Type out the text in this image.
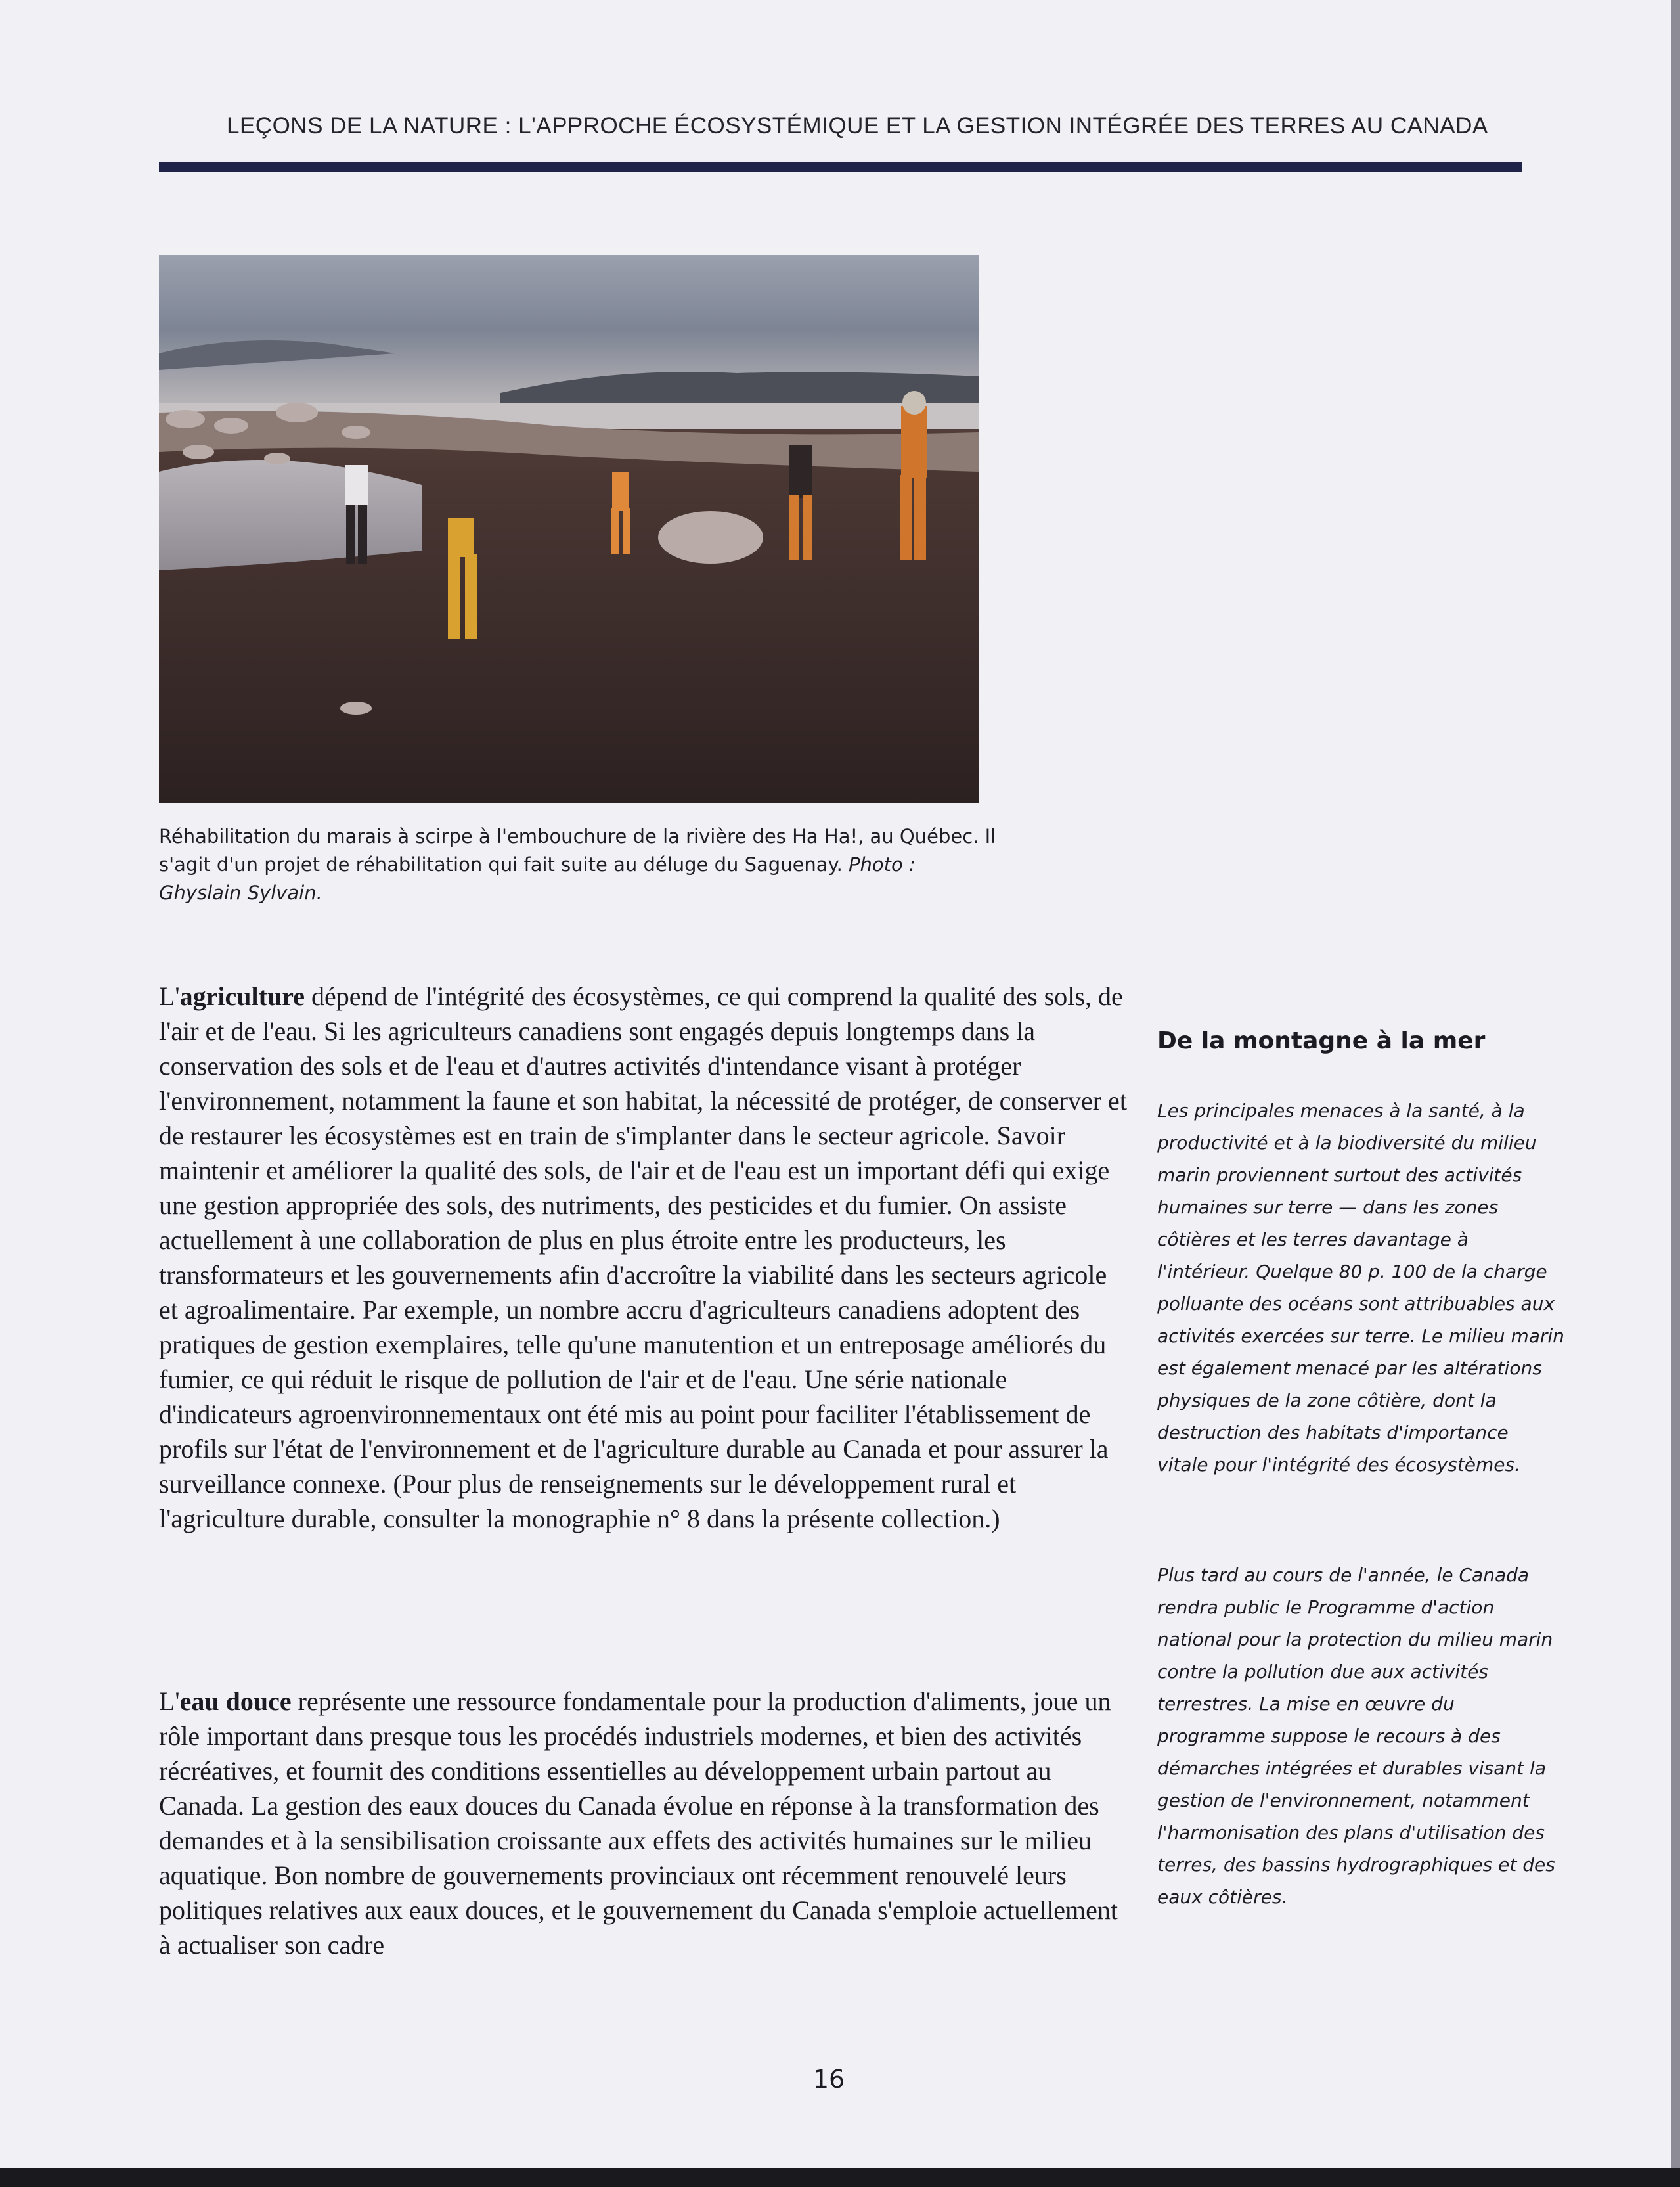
LEÇONS DE LA NATURE : L'APPROCHE ÉCOSYSTÉMIQUE ET LA GESTION INTÉGRÉE DES TERRES AU CANADA
Réhabilitation du marais à scirpe à l'embouchure de la rivière des Ha Ha!, au Québec. Il s'agit d'un projet de réhabilitation qui fait suite au déluge du Saguenay. Photo : Ghyslain Sylvain.
L'agriculture dépend de l'intégrité des écosystèmes, ce qui comprend la qualité des sols, de l'air et de l'eau. Si les agriculteurs canadiens sont engagés depuis longtemps dans la conservation des sols et de l'eau et d'autres activités d'intendance visant à protéger l'environnement, notamment la faune et son habitat, la nécessité de protéger, de conserver et de restaurer les écosystèmes est en train de s'implanter dans le secteur agricole. Savoir maintenir et améliorer la qualité des sols, de l'air et de l'eau est un important défi qui exige une gestion appropriée des sols, des nutriments, des pesticides et du fumier. On assiste actuellement à une collaboration de plus en plus étroite entre les producteurs, les transformateurs et les gouvernements afin d'accroître la viabilité dans les secteurs agricole et agroalimentaire. Par exemple, un nombre accru d'agriculteurs canadiens adoptent des pratiques de gestion exemplaires, telle qu'une manutention et un entreposage améliorés du fumier, ce qui réduit le risque de pollution de l'air et de l'eau. Une série nationale d'indicateurs agroenvironnementaux ont été mis au point pour faciliter l'établissement de profils sur l'état de l'environnement et de l'agriculture durable au Canada et pour assurer la surveillance connexe. (Pour plus de renseignements sur le développement rural et l'agriculture durable, consulter la monographie n° 8 dans la présente collection.)
L'eau douce représente une ressource fondamentale pour la production d'aliments, joue un rôle important dans presque tous les procédés industriels modernes, et bien des activités récréatives, et fournit des conditions essentielles au développement urbain partout au Canada. La gestion des eaux douces du Canada évolue en réponse à la transformation des demandes et à la sensibilisation croissante aux effets des activités humaines sur le milieu aquatique. Bon nombre de gouvernements provinciaux ont récemment renouvelé leurs politiques relatives aux eaux douces, et le gouvernement du Canada s'emploie actuellement à actualiser son cadre
De la montagne à la mer
Les principales menaces à la santé, à la productivité et à la biodiversité du milieu marin proviennent surtout des activités humaines sur terre — dans les zones côtières et les terres davantage à l'intérieur. Quelque 80 p. 100 de la charge polluante des océans sont attribuables aux activités exercées sur terre. Le milieu marin est également menacé par les altérations physiques de la zone côtière, dont la destruction des habitats d'importance vitale pour l'intégrité des écosystèmes.
Plus tard au cours de l'année, le Canada rendra public le Programme d'action national pour la protection du milieu marin contre la pollution due aux activités terrestres. La mise en œuvre du programme suppose le recours à des démarches intégrées et durables visant la gestion de l'environnement, notamment l'harmonisation des plans d'utilisation des terres, des bassins hydrographiques et des eaux côtières.
16
